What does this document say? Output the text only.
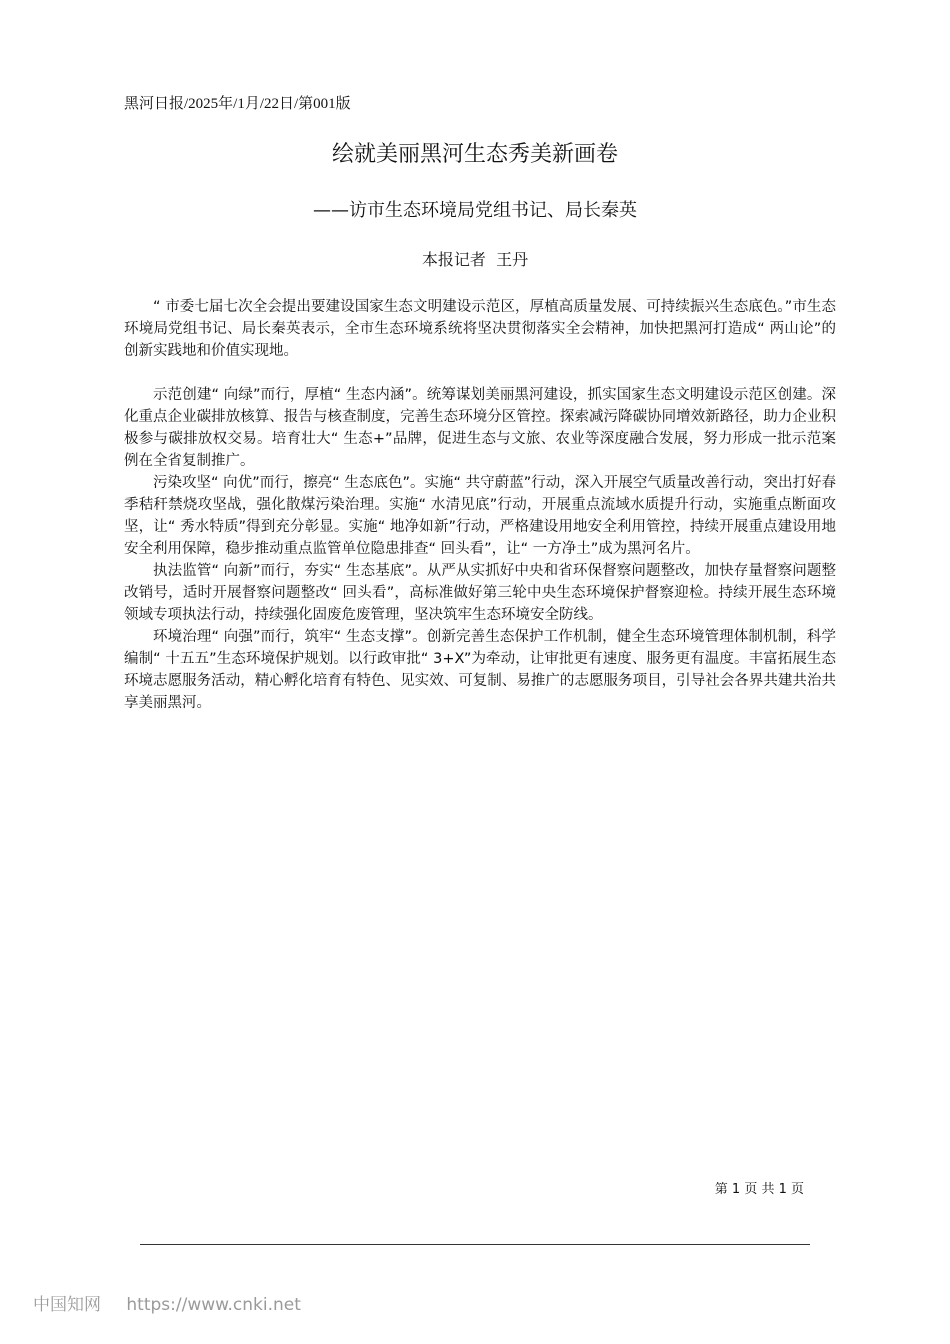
黑河日报/2025年/1月/22日/第001版
绘就美丽黑河生态秀美新画卷
——访市生态环境局党组书记、局长秦英
本报记者  王丹

“ 市委七届七次全会提出要建设国家生态文明建设示范区，厚植高质量发展、可持续振兴生态底色。”市生态环境局党组书记、局长秦英表示，全市生态环境系统将坚决贯彻落实全会精神，加快把黑河打造成“ 两山论”的创新实践地和价值实现地。

示范创建“ 向绿”而行，厚植“ 生态内涵”。统筹谋划美丽黑河建设，抓实国家生态文明建设示范区创建。深化重点企业碳排放核算、报告与核查制度，完善生态环境分区管控。探索减污降碳协同增效新路径，助力企业积极参与碳排放权交易。培育壮大“ 生态+”品牌，促进生态与文旅、农业等深度融合发展，努力形成一批示范案例在全省复制推广。

污染攻坚“ 向优”而行，擦亮“ 生态底色”。实施“ 共守蔚蓝”行动，深入开展空气质量改善行动，突出打好春季秸秆禁烧攻坚战，强化散煤污染治理。实施“ 水清见底”行动，开展重点流域水质提升行动，实施重点断面攻坚，让“ 秀水特质”得到充分彰显。实施“ 地净如新”行动，严格建设用地安全利用管控，持续开展重点建设用地安全利用保障，稳步推动重点监管单位隐患排查“ 回头看”，让“ 一方净土”成为黑河名片。

执法监管“ 向新”而行，夯实“ 生态基底”。从严从实抓好中央和省环保督察问题整改，加快存量督察问题整改销号，适时开展督察问题整改“ 回头看”，高标准做好第三轮中央生态环境保护督察迎检。持续开展生态环境领域专项执法行动，持续强化固废危废管理，坚决筑牢生态环境安全防线。

环境治理“ 向强”而行，筑牢“ 生态支撑”。创新完善生态保护工作机制，健全生态环境管理体制机制，科学编制“ 十五五”生态环境保护规划。以行政审批“ 3+X”为牵动，让审批更有速度、服务更有温度。丰富拓展生态环境志愿服务活动，精心孵化培育有特色、见实效、可复制、易推广的志愿服务项目，引导社会各界共建共治共享美丽黑河。

第 1 页 共 1 页
中国知网 https://www.cnki.net
